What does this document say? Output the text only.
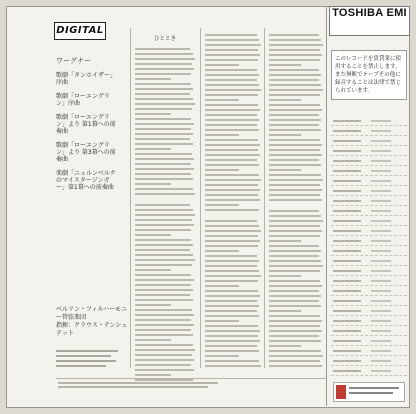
DIGITAL
ワーグナー
歌劇「タンホイザー」序曲
歌劇「ローエングリン」序曲
歌劇「ローエングリン」より 第1幕への前奏曲
歌劇「ローエングリン」より 第3幕への前奏曲
楽劇「ニュルンベルクのマイスタージンガー」第1幕への前奏曲
ベルリン・フィルハーモニー管弦楽団
指揮：クラウス・テンシュテット
ひととき
TOSHIBA EMI
このレコードを賃貸業に使用することを禁止します。また無断でテープその他に録音することは法律で禁じられています。
